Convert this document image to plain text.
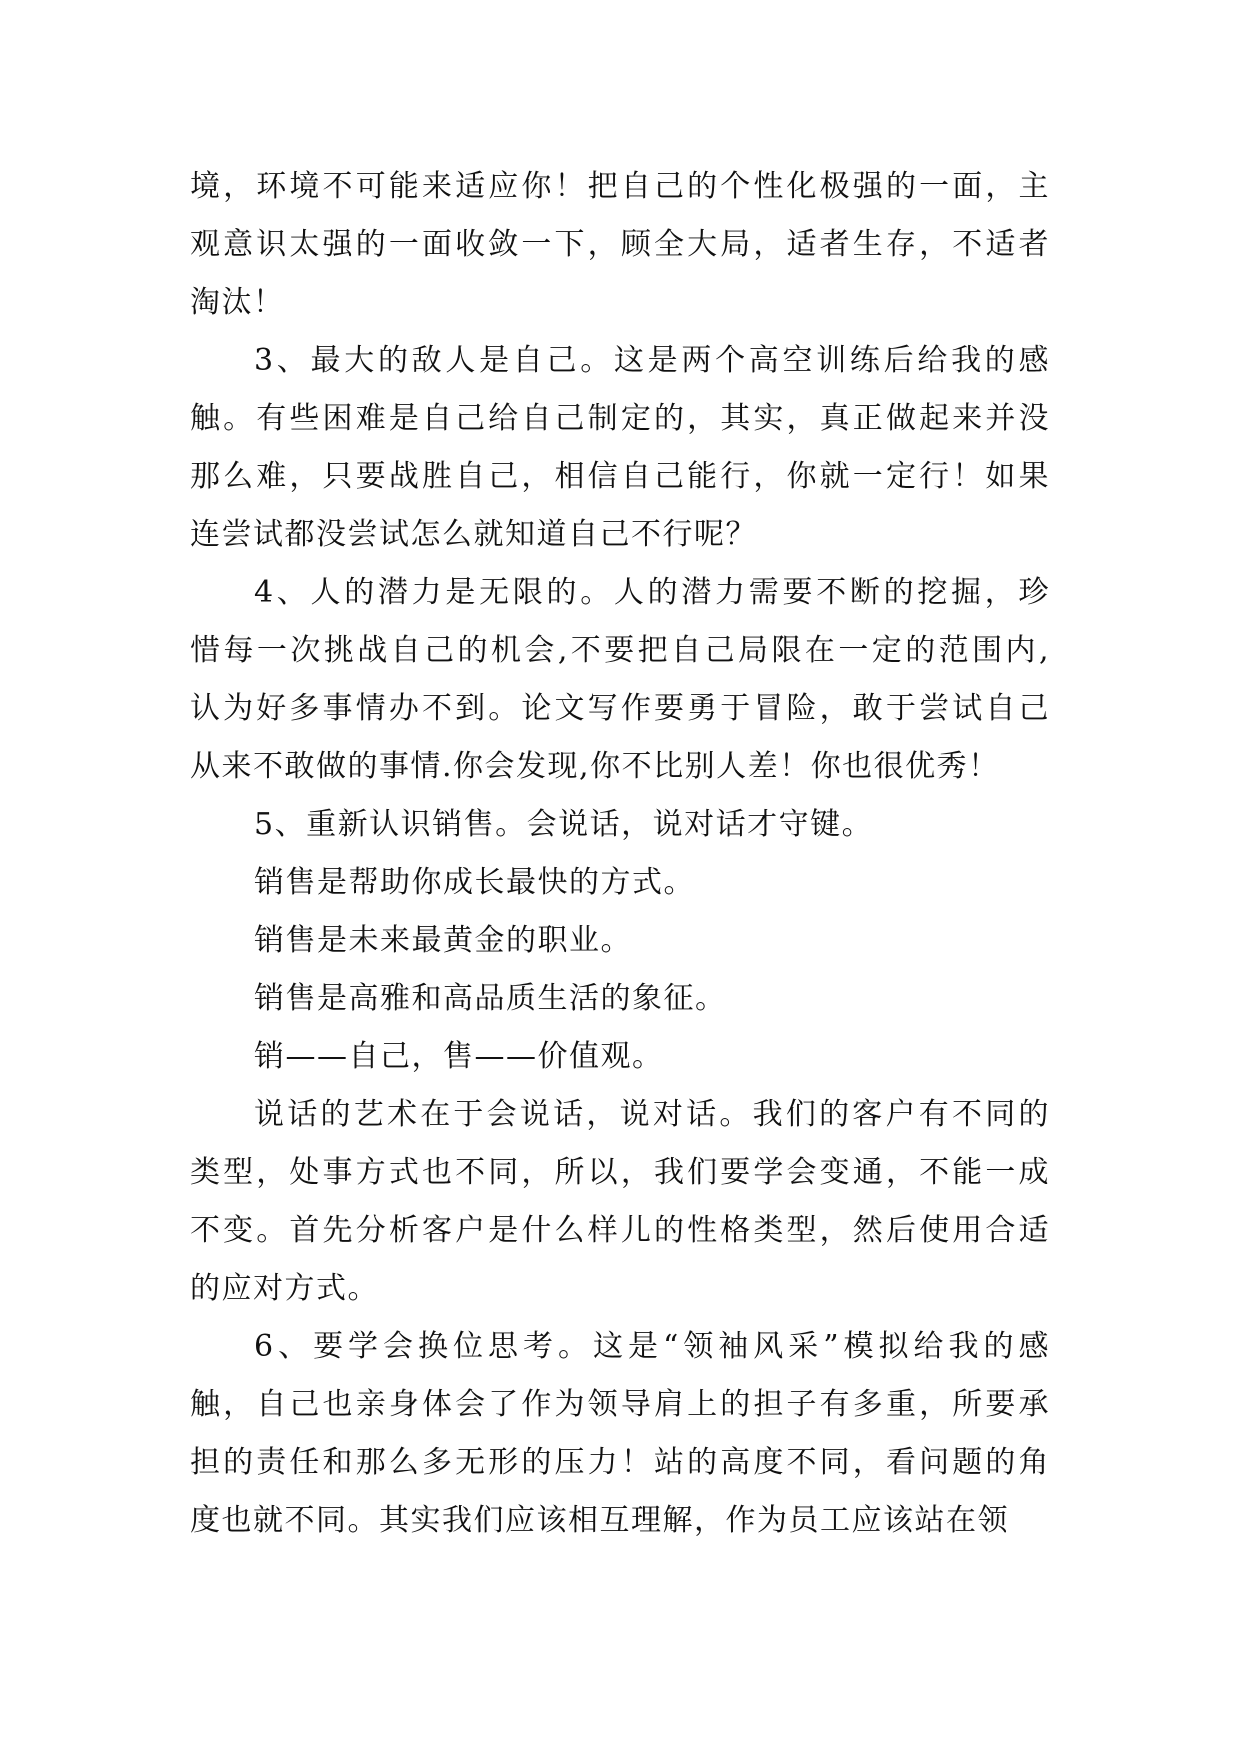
境，环境不可能来适应你！把自己的个性化极强的一面，主
观意识太强的一面收敛一下，顾全大局，适者生存，不适者
淘汰！
3、最大的敌人是自己。这是两个高空训练后给我的感
触。有些困难是自己给自己制定的，其实，真正做起来并没
那么难，只要战胜自己，相信自己能行，你就一定行！如果
连尝试都没尝试怎么就知道自己不行呢？
4、人的潜力是无限的。人的潜力需要不断的挖掘，珍
惜每一次挑战自己的机会,不要把自己局限在一定的范围内,
认为好多事情办不到。论文写作要勇于冒险，敢于尝试自己
从来不敢做的事情.你会发现,你不比别人差！你也很优秀！
5、重新认识销售。会说话，说对话才守键。
销售是帮助你成长最快的方式。
销售是未来最黄金的职业。
销售是高雅和高品质生活的象征。
销——自己，售——价值观。
说话的艺术在于会说话，说对话。我们的客户有不同的
类型，处事方式也不同，所以，我们要学会变通，不能一成
不变。首先分析客户是什么样儿的性格类型，然后使用合适
的应对方式。
6、要学会换位思考。这是“领袖风采”模拟给我的感
触，自己也亲身体会了作为领导肩上的担子有多重，所要承
担的责任和那么多无形的压力！站的高度不同，看问题的角
度也就不同。其实我们应该相互理解，作为员工应该站在领
